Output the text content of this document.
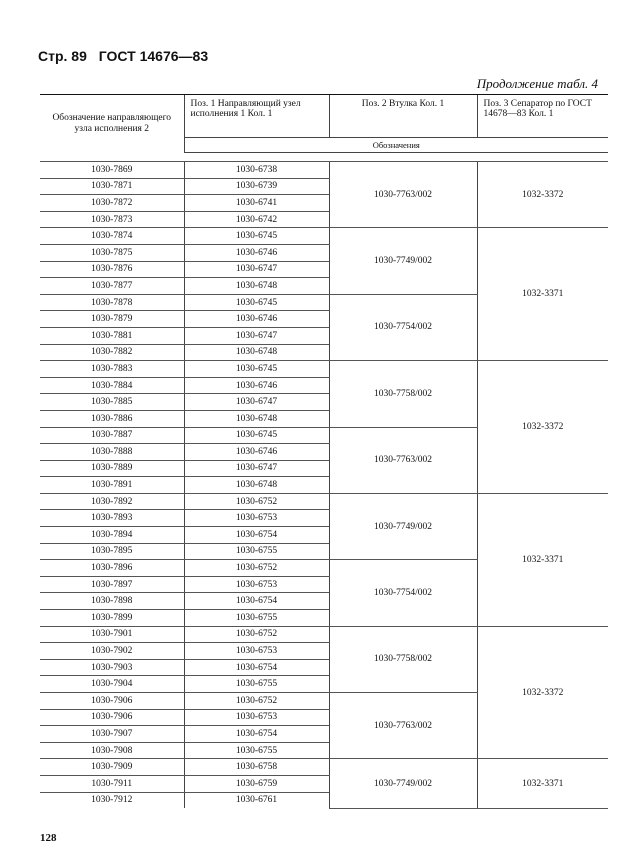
Стр. 89 ГОСТ 14676—83
Продолжение табл. 4
Обозначение направляющего узла исполнения 2	Поз. 1 Направляющий узел исполнения 1 Кол. 1	Поз. 2 Втулка Кол. 1	Поз. 3 Сепаратор по ГОСТ 14678—83 Кол. 1
	Обозначения		

1030-7869	1030-6738	1030-7763/002	1032-3372
1030-7871	1030-6739		
1030-7872	1030-6741		
1030-7873	1030-6742		
1030-7874	1030-6745	1030-7749/002	1032-3371
1030-7875	1030-6746		
1030-7876	1030-6747		
1030-7877	1030-6748		
1030-7878	1030-6745	1030-7754/002	
1030-7879	1030-6746		
1030-7881	1030-6747		
1030-7882	1030-6748		
1030-7883	1030-6745	1030-7758/002	1032-3372
1030-7884	1030-6746		
1030-7885	1030-6747		
1030-7886	1030-6748		
1030-7887	1030-6745	1030-7763/002	
1030-7888	1030-6746		
1030-7889	1030-6747		
1030-7891	1030-6748		
1030-7892	1030-6752	1030-7749/002	1032-3371
1030-7893	1030-6753		
1030-7894	1030-6754		
1030-7895	1030-6755		
1030-7896	1030-6752	1030-7754/002	
1030-7897	1030-6753		
1030-7898	1030-6754		
1030-7899	1030-6755		
1030-7901	1030-6752	1030-7758/002	1032-3372
1030-7902	1030-6753		
1030-7903	1030-6754		
1030-7904	1030-6755		
1030-7906	1030-6752	1030-7763/002	
1030-7906	1030-6753		
1030-7907	1030-6754		
1030-7908	1030-6755		
1030-7909	1030-6758	1030-7749/002	1032-3371
1030-7911	1030-6759		
1030-7912	1030-6761		
128
